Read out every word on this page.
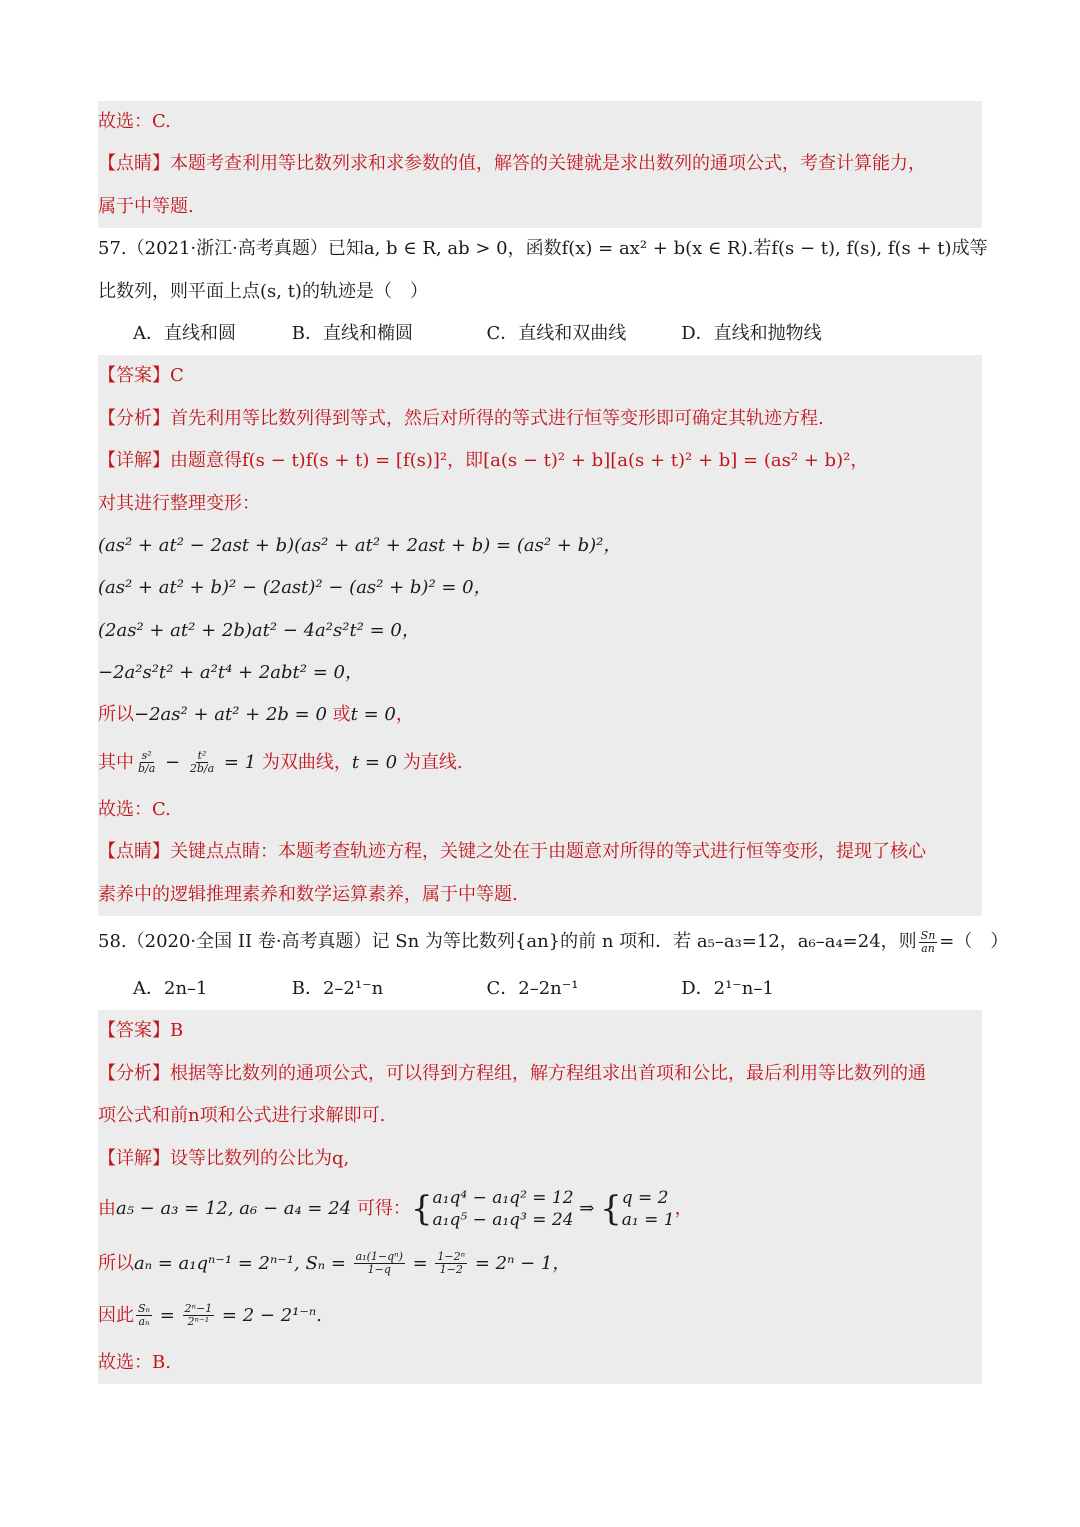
故选：C.
【点睛】本题考查利用等比数列求和求参数的值，解答的关键就是求出数列的通项公式，考查计算能力，
属于中等题.
57.（2021·浙江·高考真题）已知a, b ∈ R, ab > 0，函数f(x) = ax² + b(x ∈ R).若f(s − t), f(s), f(s + t)成等
比数列，则平面上点(s, t)的轨迹是（　）
A．直线和圆	B．直线和椭圆	C．直线和双曲线	D．直线和抛物线
【答案】C
【分析】首先利用等比数列得到等式，然后对所得的等式进行恒等变形即可确定其轨迹方程.
【详解】由题意得f(s − t)f(s + t) = [f(s)]²，即[a(s − t)² + b][a(s + t)² + b] = (as² + b)²，
对其进行整理变形：
(as² + at² − 2ast + b)(as² + at² + 2ast + b) = (as² + b)²，
(as² + at² + b)² − (2ast)² − (as² + b)² = 0，
(2as² + at² + 2b)at² − 4a²s²t² = 0，
−2a²s²t² + a²t⁴ + 2abt² = 0，
所以−2as² + at² + 2b = 0 或t = 0，
其中 $\frac{\text{s²}}{b/a} - \frac{\text{t²}}{2b/a} = 1$ 为双曲线，t = 0 为直线.
故选：C.
【点睛】关键点点睛：本题考查轨迹方程，关键之处在于由题意对所得的等式进行恒等变形，提现了核心
素养中的逻辑推理素养和数学运算素养，属于中等题.
58.（2020·全国 II 卷·高考真题）记 Sn 为等比数列{an}的前 n 项和．若 a₅–a₃=12，a₆–a₄=24，则 $\frac{Sn}{an}$ =（　）
A．2n–1	B．2–2¹⁻n	C．2–2n⁻¹	D．2¹⁻n–1
【答案】B
【分析】根据等比数列的通项公式，可以得到方程组，解方程组求出首项和公比，最后利用等比数列的通
项公式和前n项和公式进行求解即可.
【详解】设等比数列的公比为q,
由a₅ − a₃ = 12, a₆ − a₄ = 24 可得：{ a₁q⁴ − a₁q² = 12
a₁q⁵ − a₁q³ = 24
⇒ { q = 2
a₁ = 1
，
所以aₙ = a₁qⁿ⁻¹ = 2ⁿ⁻¹, $S_n = \frac{\text{a₁(1−qⁿ)}}{1-q} = \frac{\text{1−2ⁿ}}{1-2} = 2^n - 1$，
因此 $\frac{\text{Sₙ}}{\text{aₙ}} = \frac{\text{2ⁿ−1}}{\text{2ⁿ⁻¹}} = 2 - 2^{1-n}$.
故选：B.
